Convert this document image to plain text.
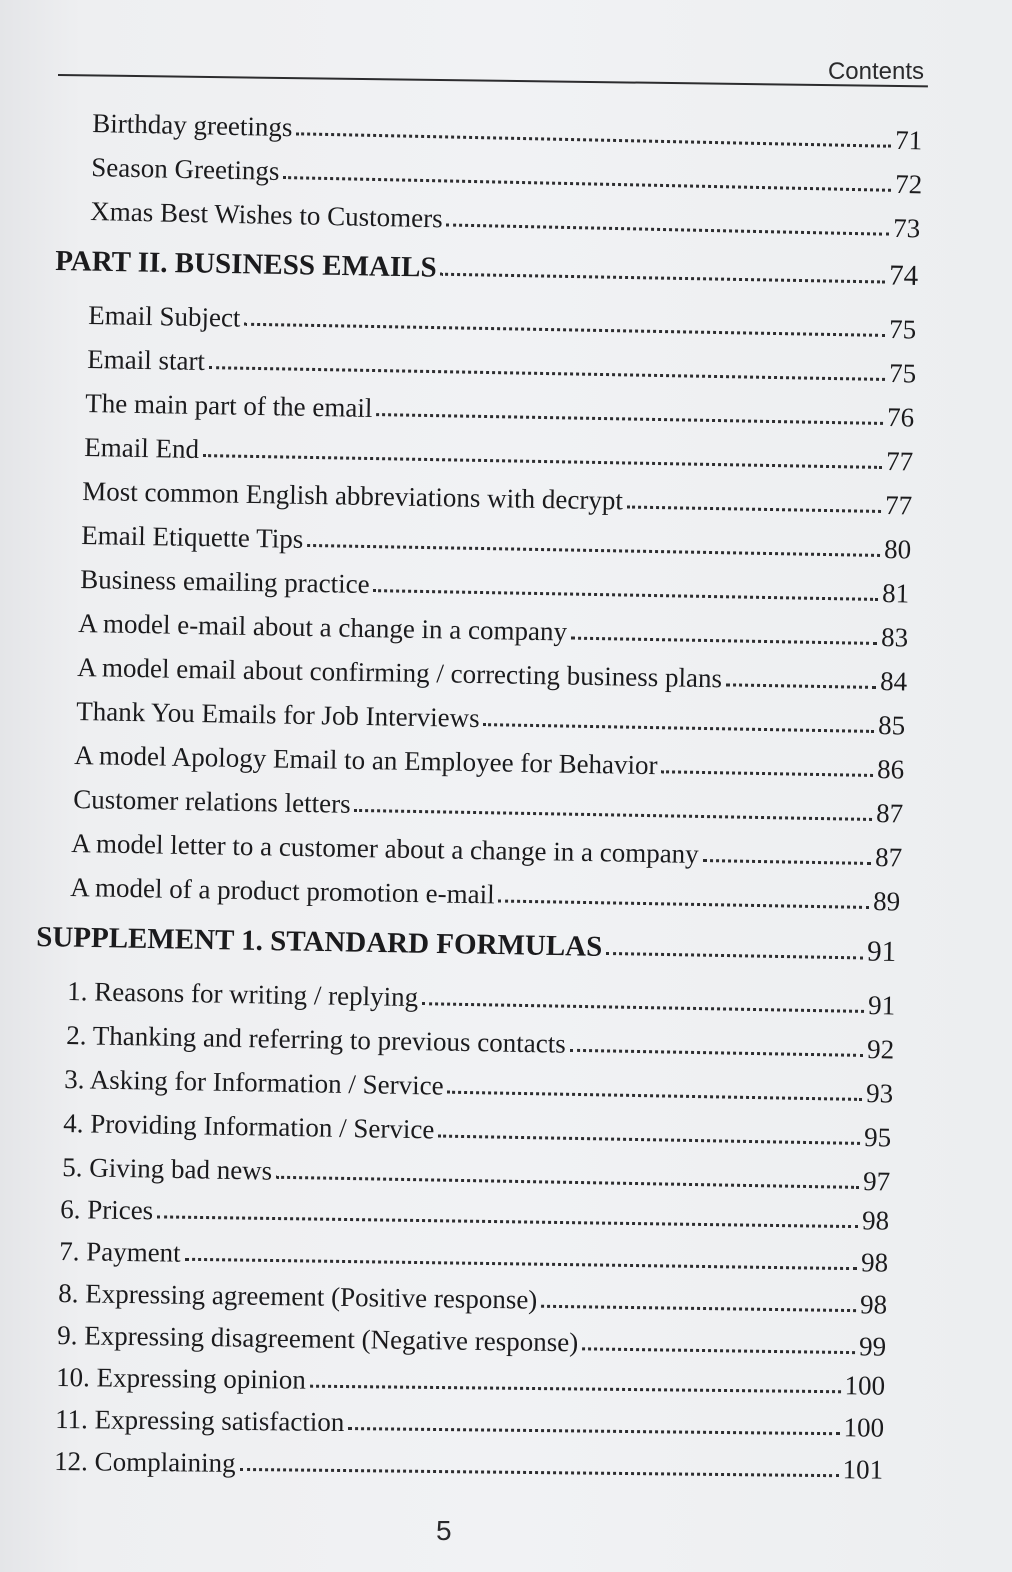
Contents
Birthday greetings	71
Season Greetings	72
Xmas Best Wishes to Customers	73
PART II. BUSINESS EMAILS	74
Email Subject	75
Email start	75
The main part of the email	76
Email End	77
Most common English abbreviations with decrypt	77
Email Etiquette Tips	80
Business emailing practice	81
A model e-mail about a change in a company	83
A model email about confirming / correcting business plans	84
Thank You Emails for Job Interviews	85
A model Apology Email to an Employee for Behavior	86
Customer relations letters	87
A model letter to a customer about a change in a company	87
A model of a product promotion e-mail	89
SUPPLEMENT 1. STANDARD FORMULAS	91
1. Reasons for writing / replying	91
2. Thanking and referring to previous contacts	92
3. Asking for Information / Service	93
4. Providing Information / Service	95
5. Giving bad news	97
6. Prices	98
7. Payment	98
8. Expressing agreement (Positive response)	98
9. Expressing disagreement (Negative response)	99
10. Expressing opinion	100
11. Expressing satisfaction	100
12. Complaining	101
5
